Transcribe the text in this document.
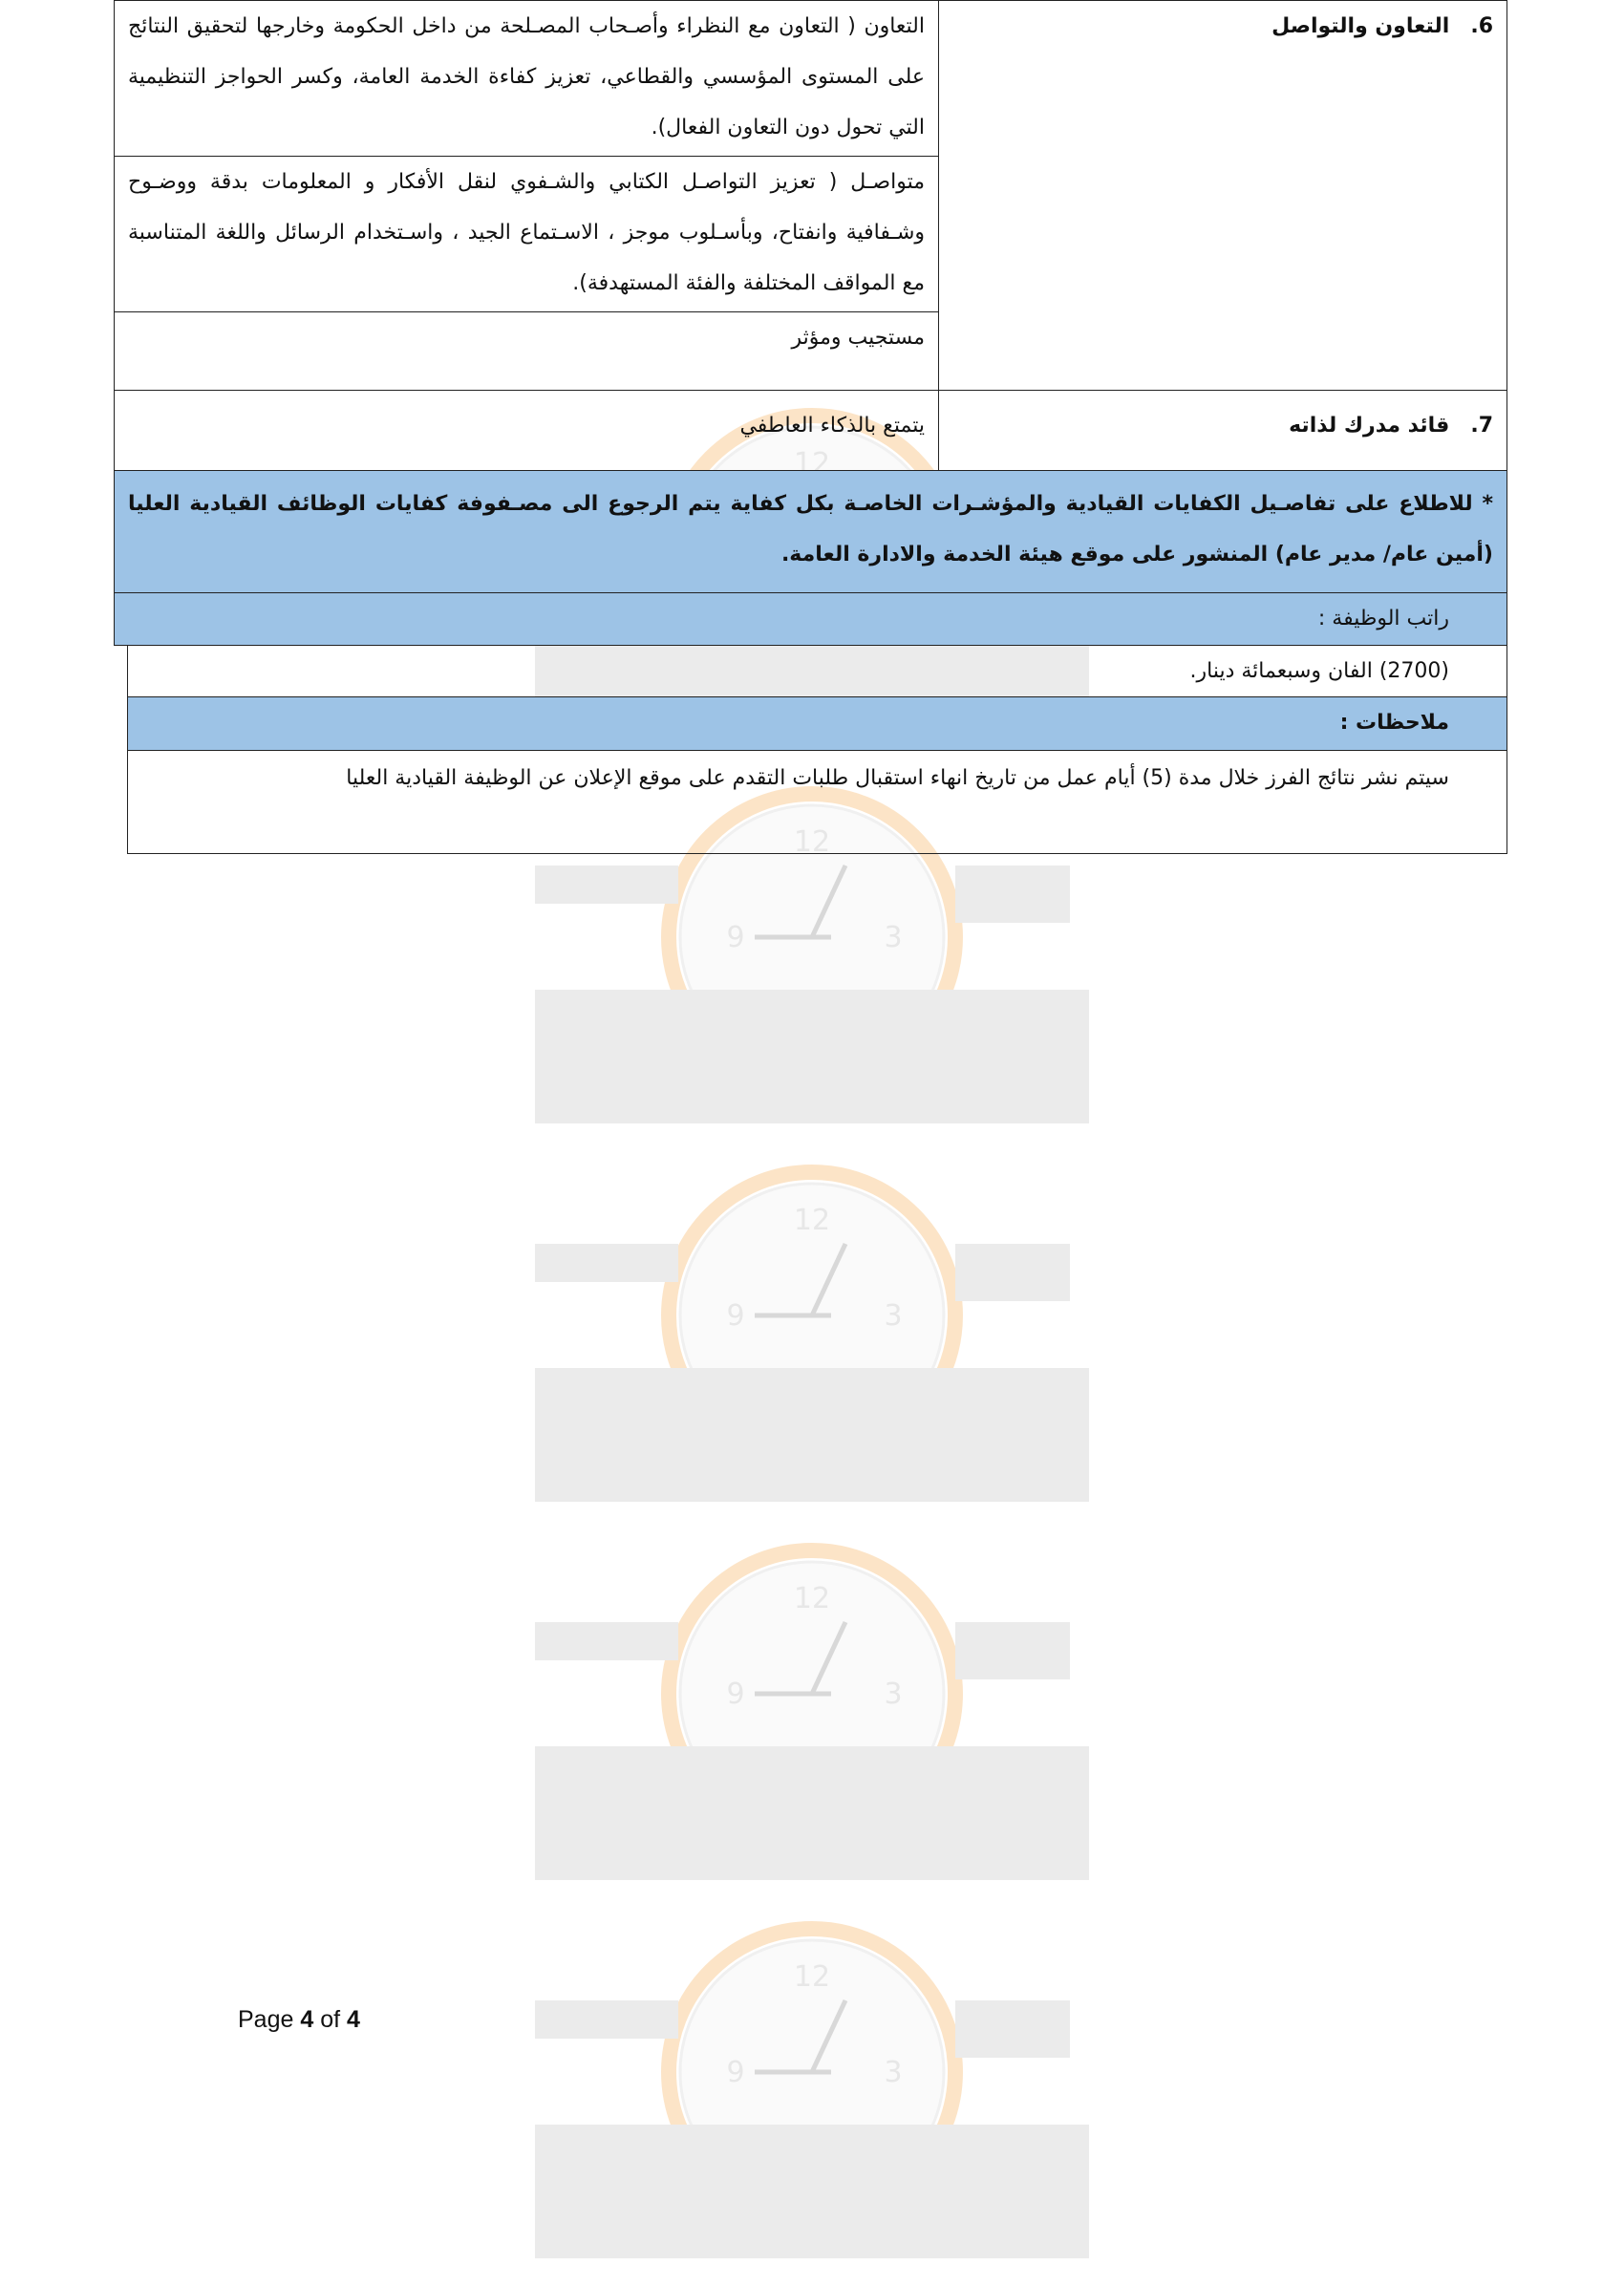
6.التعاون والتواصل
التعاون ( التعاون مع النظراء وأصـحاب المصـلحة من داخل الحكومة وخارجها لتحقيق النتائج على المستوى المؤسسي والقطاعي، تعزيز كفاءة الخدمة العامة، وكسر الحواجز التنظيمية التي تحول دون التعاون الفعال).
متواصـل ( تعزيز التواصـل الكتابي والشـفوي لنقل الأفكار و المعلومات بدقة ووضـوح وشـفافية وانفتاح، وبأسـلوب موجز ، الاسـتماع الجيد ، واسـتخدام الرسائل واللغة المتناسبة مع المواقف المختلفة والفئة المستهدفة).
مستجيب ومؤثر
7.قائد مدرك لذاته
يتمتع بالذكاء العاطفي
* للاطلاع على تفاصـيل الكفايات القيادية والمؤشـرات الخاصـة بكل كفاية يتم الرجوع الى مصـفوفة كفايات الوظائف القيادية العليا (أمين عام/ مدير عام) المنشور على موقع هيئة الخدمة والادارة العامة.
راتب الوظيفة :
(2700) الفان وسبعمائة دينار.
ملاحظات :
سيتم نشر نتائج الفرز خلال مدة (5) أيام عمل من تاريخ انهاء استقبال طلبات التقدم على موقع الإعلان عن الوظيفة القيادية العليا
Page 4 of 4
